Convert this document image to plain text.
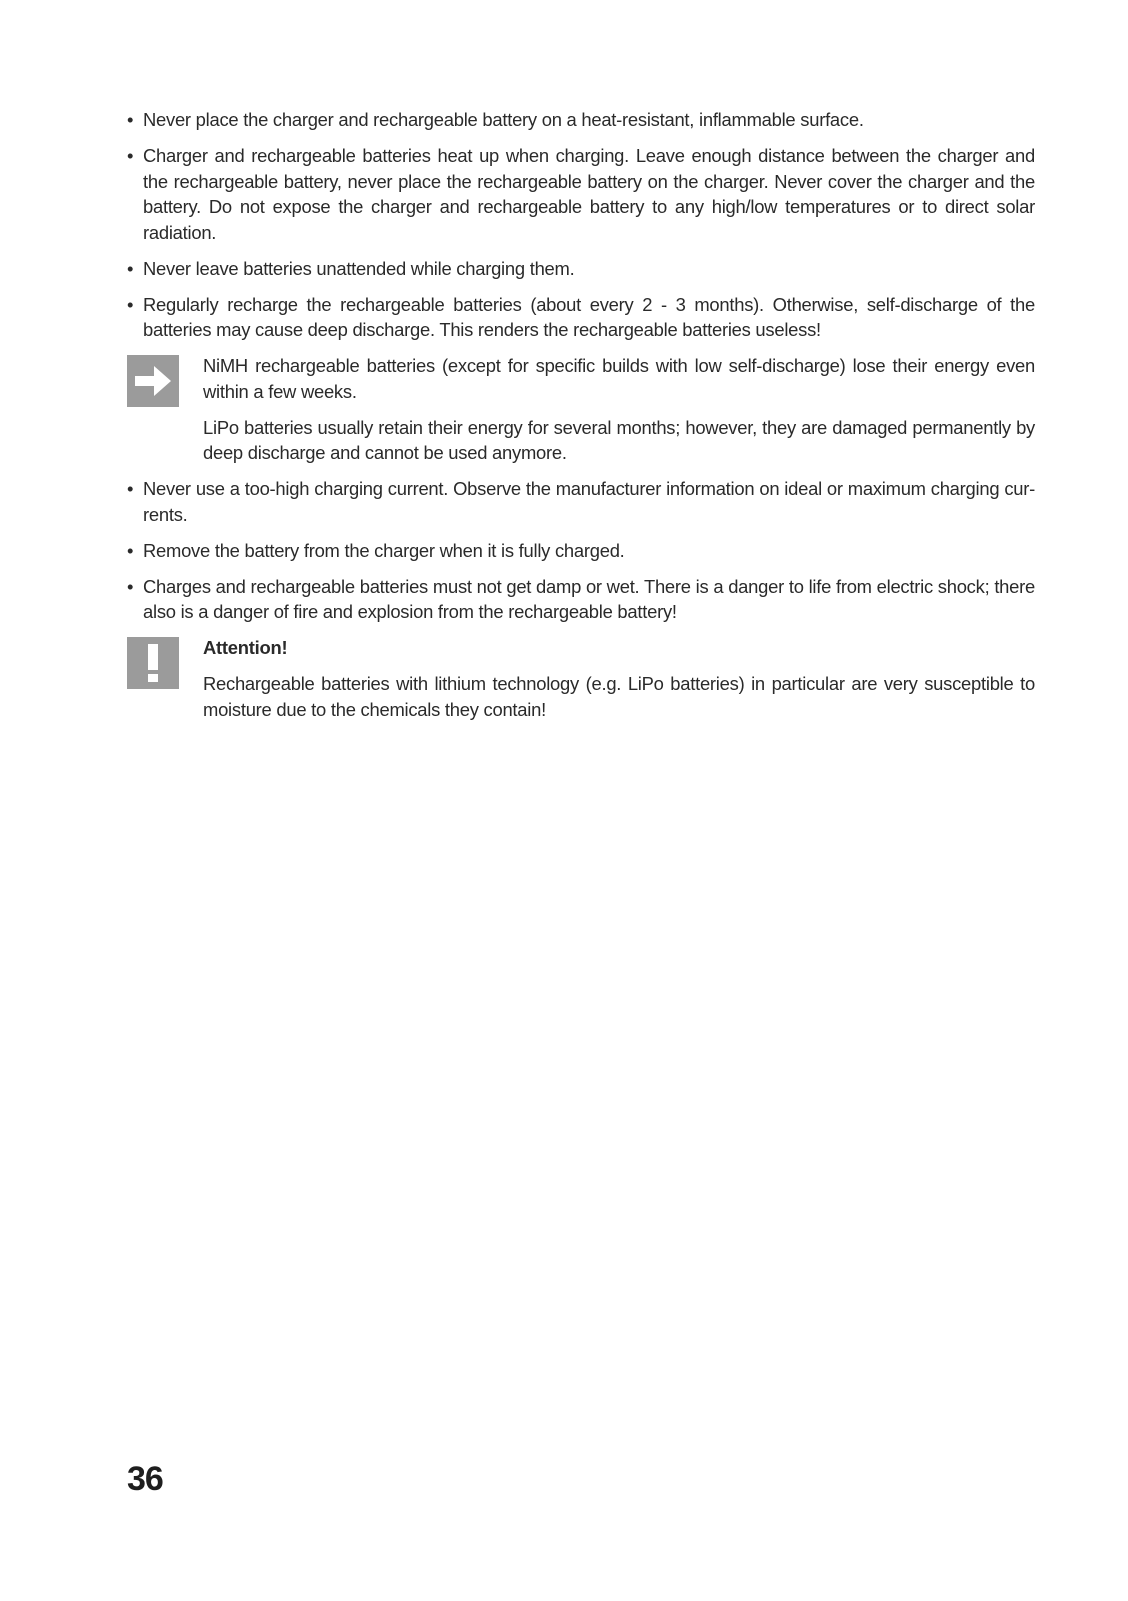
• Never place the charger and rechargeable battery on a heat-resistant, inflammable surface.
• Charger and rechargeable batteries heat up when charging. Leave enough distance between the charger and the rechargeable battery, never place the rechargeable battery on the charger. Never cover the charger and the battery. Do not expose the charger and rechargeable battery to any high/low temperatures or to direct solar radiation.
• Never leave batteries unattended while charging them.
• Regularly recharge the rechargeable batteries (about every 2 - 3 months). Otherwise, self-discharge of the batteries may cause deep discharge. This renders the rechargeable batteries useless!

NiMH rechargeable batteries (except for specific builds with low self-discharge) lose their energy even within a few weeks.

LiPo batteries usually retain their energy for several months; however, they are damaged permanently by deep discharge and cannot be used anymore.

• Never use a too-high charging current. Observe the manufacturer information on ideal or maximum charging cur-rents.
• Remove the battery from the charger when it is fully charged.
• Charges and rechargeable batteries must not get damp or wet. There is a danger to life from electric shock; there also is a danger of fire and explosion from the rechargeable battery!

Attention!

Rechargeable batteries with lithium technology (e.g. LiPo batteries) in particular are very susceptible to moisture due to the chemicals they contain!

36
